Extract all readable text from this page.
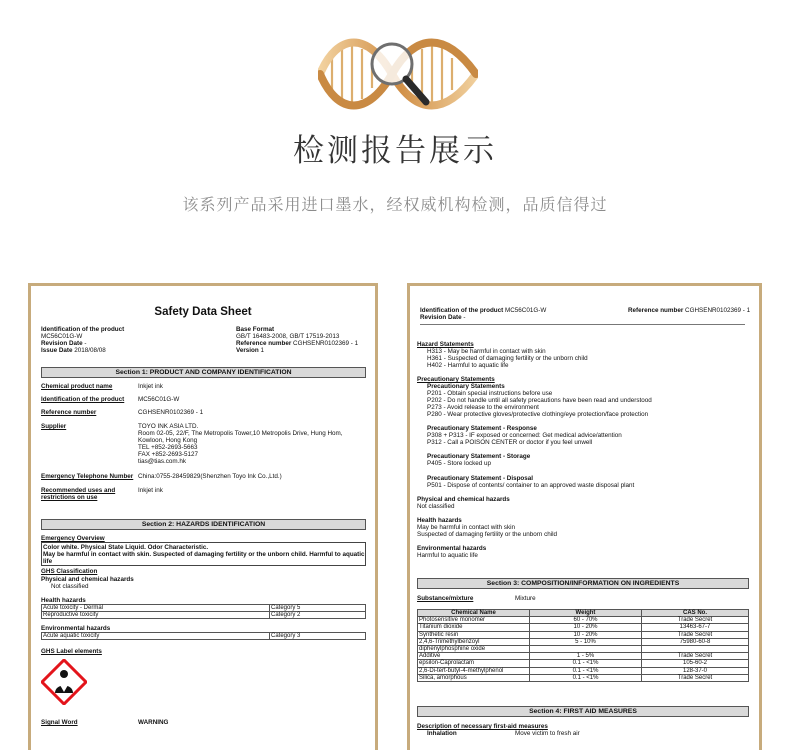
检测报告展示
该系列产品采用进口墨水，经权威机构检测，品质信得过
Safety Data Sheet
Identification of the product
MC56C01G-W
Revision Date -
Issue Date 2018/08/08
Base Format
GB/T 16483-2008, GB/T 17519-2013
Reference number CGHSENR0102369 - 1
Version 1
Section 1: PRODUCT AND COMPANY IDENTIFICATION
Chemical product name	Inkjet ink
Identification of the product MC56C01G-W
Reference number	CGHSENR0102369 - 1
Supplier	TOYO INK ASIA LTD.
Room 02-05, 22/F, The Metropolis Tower,10 Metropolis Drive, Hung Hom,
Kowloon, Hong Kong
TEL +852-2693-5663
FAX +852-2693-5127
tias@tias.com.hk
Emergency Telephone Number China:0755-28459829(Shenzhen Toyo Ink Co.,Ltd.)
Recommended uses and
restrictions on use
Inkjet ink
Section 2: HAZARDS IDENTIFICATION
Emergency Overview
Color white. Physical State Liquid. Odor Characteristic.
May be harmful in contact with skin. Suspected of damaging fertility or the unborn child. Harmful to aquatic
life
GHS Classification
Physical and chemical hazards
Not classified
Health hazards
Acute toxicity - Dermal	Category 5
Reproductive toxicity	Category 2
Environmental hazards
Acute aquatic toxicity	Category 3
GHS Label elements
Signal Word	WARNING
Identification of the product MC56C01G-W
Revision Date -
Reference number CGHSENR0102369 - 1
Hazard Statements
H313 - May be harmful in contact with skin
H361 - Suspected of damaging fertility or the unborn child
H402 - Harmful to aquatic life
Precautionary Statements
Precautionary Statements
P201 - Obtain special instructions before use
P202 - Do not handle until all safety precautions have been read and understood
P273 - Avoid release to the environment
P280 - Wear protective gloves/protective clothing/eye protection/face protection
Precautionary Statement - Response
P308 + P313 - IF exposed or concerned: Get medical advice/attention
P312 - Call a POISON CENTER or doctor if you feel unwell
Precautionary Statement - Storage
P405 - Store locked up
Precautionary Statement - Disposal
P501 - Dispose of contents/ container to an approved waste disposal plant
Physical and chemical hazards
Not classified
Health hazards
May be harmful in contact with skin
Suspected of damaging fertility or the unborn child
Environmental hazards
Harmful to aquatic life
Section 3: COMPOSITION/INFORMATION ON INGREDIENTS
Substance/mixture	Mixture
Chemical Name	Weight	CAS No.
Photosensitive monomer	60 - 70%	Trade Secret
Titanium dioxide	10 - 20%	13463-67-7
Synthetic resin	10 - 20%	Trade Secret
2,4,6-Trimethylbenzoyl	5 - 10%	75980-60-8
diphenylphosphine oxide		
Additive	1 - 5%	Trade Secret
epsilon-Caprolactam	0.1 - <1%	105-60-2
2,6-Di-tert-butyl-4-methylphenol	0.1 - <1%	128-37-0
Silica, amorphous	0.1 - <1%	Trade Secret
Section 4: FIRST AID MEASURES
Description of necessary first-aid measures
Inhalation	Move victim to fresh air
